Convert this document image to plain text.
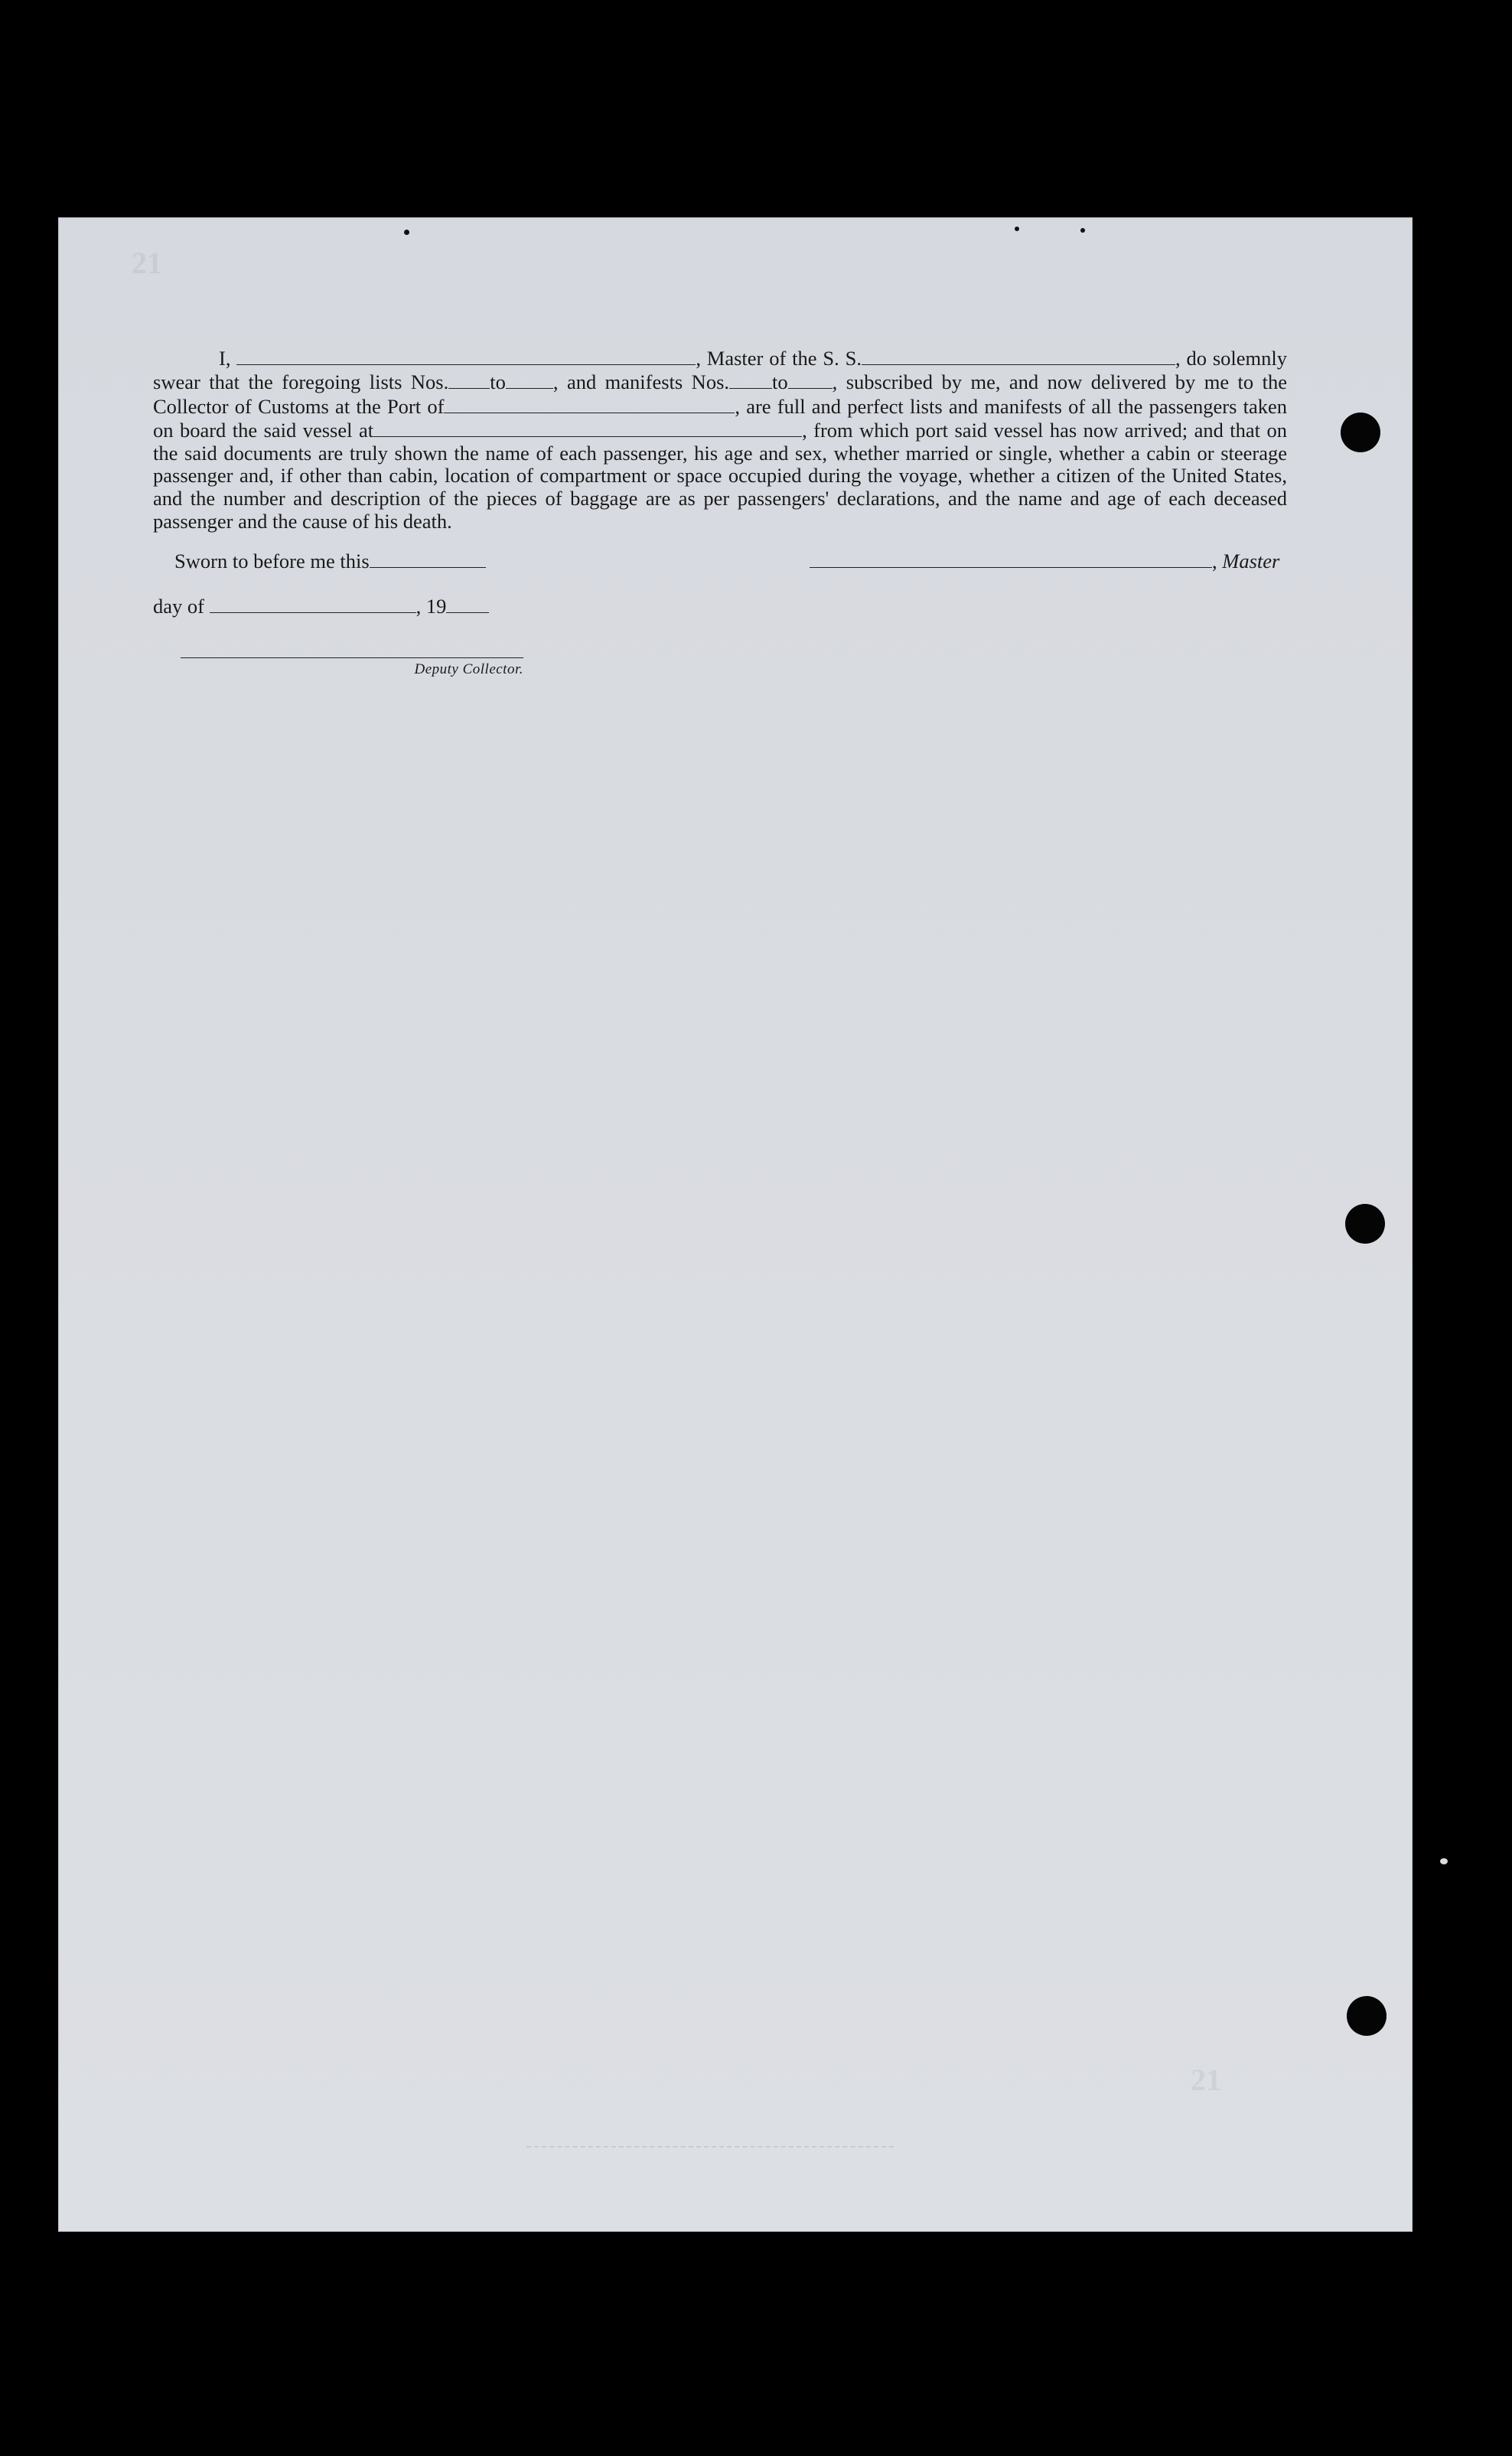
21
21

I,	, Master of the S. S.	, do solemnly swear that the foregoing lists Nos. to , and manifests Nos. to , subscribed by me, and now delivered by me to the Collector of Customs at the Port of	, are full and perfect lists and manifests of all the passengers taken on board the said vessel at	, from which port said vessel has now arrived; and that on the said documents are truly shown the name of each passenger, his age and sex, whether married or single, whether a cabin or steerage passenger and, if other than cabin, location of compartment or space occupied during the voyage, whether a citizen of the United States, and the number and description of the pieces of baggage are as per passengers' declarations, and the name and age of each deceased passenger and the cause of his death.

Sworn to before me this	, Master
day of	, 19
Deputy Collector.
